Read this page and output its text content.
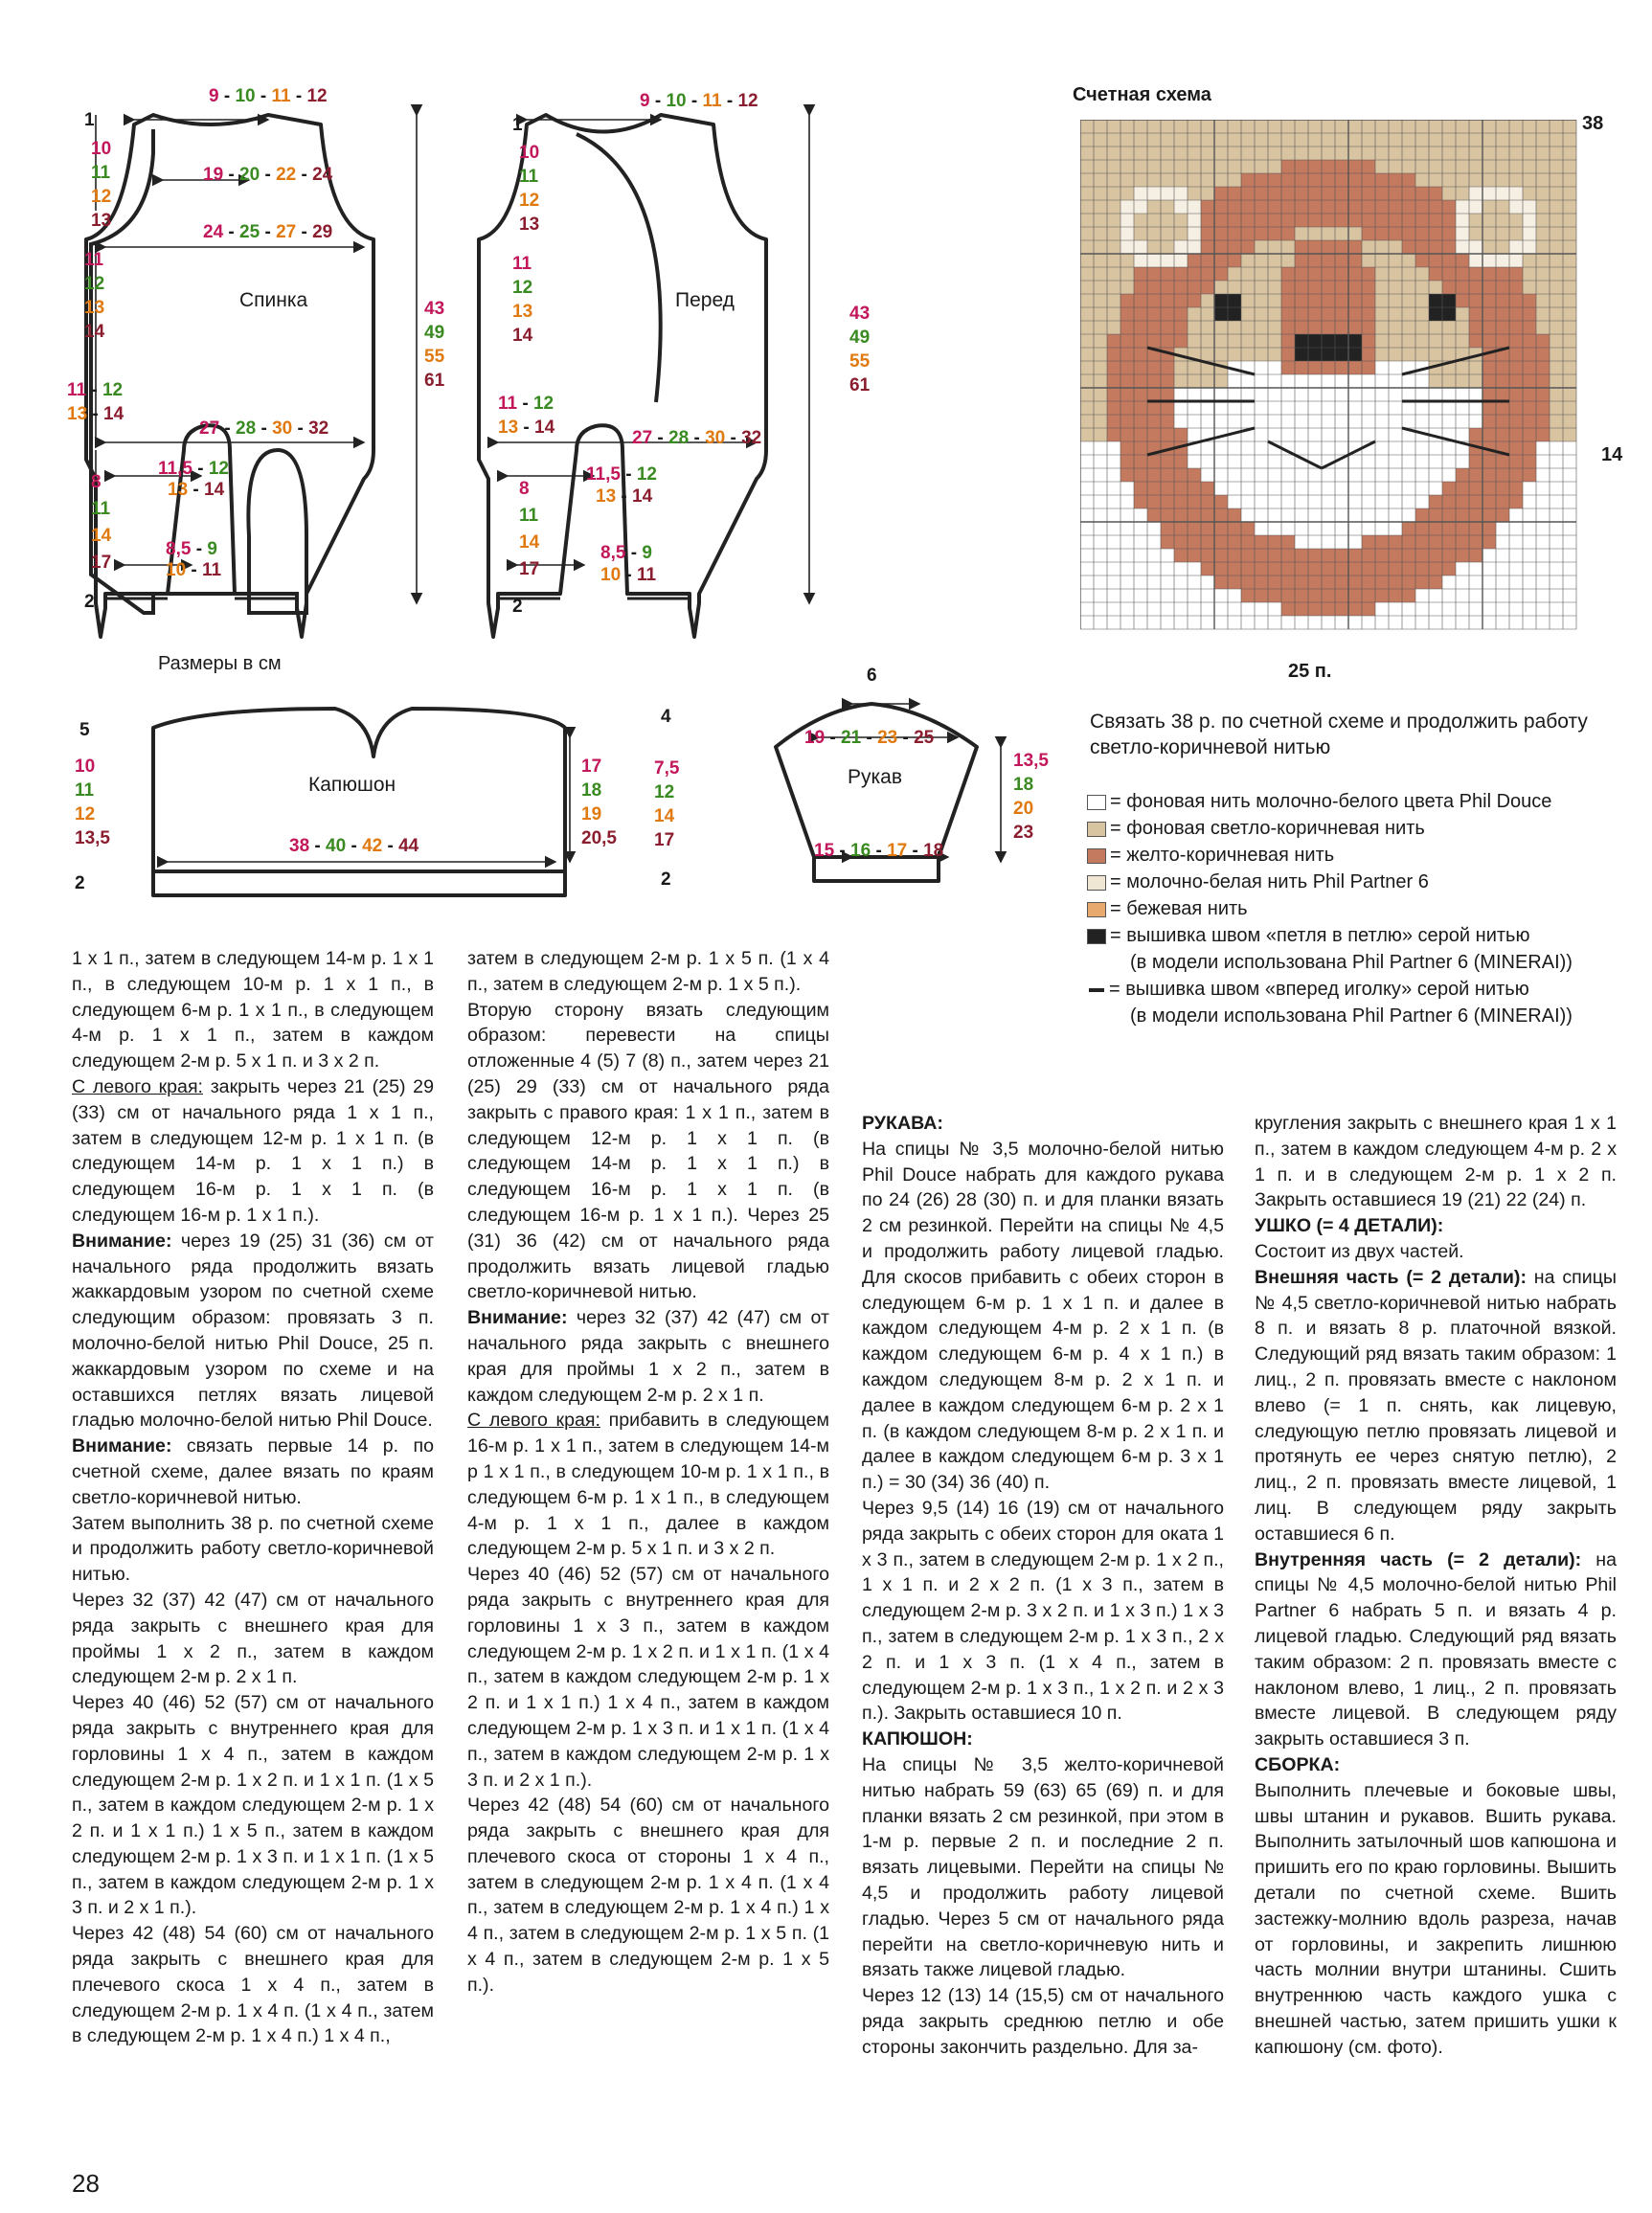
9 - 10 - 11 - 12
19 - 20 - 22 - 24
24 - 25 - 27 - 29
27 - 28 - 30 - 32
11,5 - 12
13 - 14
8,5 - 9
10 - 11
1
10
11
12
13
11
12
13
14
11 - 12
13 - 14
8
11
14
17
2
43
49
55
61
Спинка
9 - 10 - 11 - 12
27 - 28 - 30 - 32
11,5 - 12
13 - 14
8,5 - 9
10 - 11
1
10
11
12
13
11
12
13
14
11 - 12
13 - 14
8
11
14
17
2
43
49
55
61
Перед
Размеры в см
5
10
11
12
13,5
2
Капюшон
38 - 40 - 42 - 44
17
18
19
20,5
6
4
7,5
12
14
17
2
19 - 21 - 23 - 25
Рукав
15 - 16 - 17 - 18
13,5
18
20
23
Счетная схема
38
14
25 п.
Связать 38 р. по счетной схеме и продолжить работу
светло-коричневой нитью
= фоновая нить молочно-белого цвета Phil Douce
= фоновая светло-коричневая нить
= желто-коричневая нить
= молочно-белая нить Phil Partner 6
= бежевая нить
= вышивка швом «петля в петлю» серой нитью
(в модели использована Phil Partner 6 (MINERAI))
= вышивка швом «вперед иголку» серой нитью
(в модели использована Phil Partner 6 (MINERAI))

1 х 1 п., затем в следующем 14-м р. 1 х 1 п., в следующем 10-м р. 1 х 1 п., в следующем 6-м р. 1 х 1 п., в следующем 4-м р. 1 х 1 п., затем в каждом следующем 2-м р. 5 х 1 п. и 3 х 2 п.

С левого края: закрыть через 21 (25) 29 (33) см от начального ряда 1 х 1 п., затем в следующем 12-м р. 1 х 1 п. (в следующем 14-м р. 1 х 1 п.) в следующем 16-м р. 1 х 1 п. (в следующем 16-м р. 1 х 1 п.).

Внимание: через 19 (25) 31 (36) см от начального ряда продолжить вязать жаккардовым узором по счетной схеме следующим образом: провязать 3 п. молочно-белой нитью Phil Douce, 25 п. жаккардовым узором по схеме и на оставшихся петлях вязать лицевой гладью молочно-белой нитью Phil Douce.

Внимание: связать первые 14 р. по счетной схеме, далее вязать по краям светло-коричневой нитью.

Затем выполнить 38 р. по счетной схеме и продолжить работу светло-коричневой нитью.

Через 32 (37) 42 (47) см от начального ряда закрыть с внешнего края для проймы 1 х 2 п., затем в каждом следующем 2-м р. 2 х 1 п.

Через 40 (46) 52 (57) см от начального ряда закрыть с внутреннего края для горловины 1 х 4 п., затем в каждом следующем 2-м р. 1 х 2 п. и 1 х 1 п. (1 х 5 п., затем в каждом следующем 2-м р. 1 х 2 п. и 1 х 1 п.) 1 х 5 п., затем в каждом следующем 2-м р. 1 х 3 п. и 1 х 1 п. (1 х 5 п., затем в каждом следующем 2-м р. 1 х 3 п. и 2 х 1 п.).

Через 42 (48) 54 (60) см от начального ряда закрыть с внешнего края для плечевого скоса 1 х 4 п., затем в следующем 2-м р. 1 х 4 п. (1 х 4 п., затем в следующем 2-м р. 1 х 4 п.) 1 х 4 п.,

затем в следующем 2-м р. 1 х 5 п. (1 х 4 п., затем в следующем 2-м р. 1 х 5 п.).

Вторую сторону вязать следующим образом: перевести на спицы отложенные 4 (5) 7 (8) п., затем через 21 (25) 29 (33) см от начального ряда закрыть с правого края: 1 х 1 п., затем в следующем 12-м р. 1 х 1 п. (в следующем 14-м р. 1 х 1 п.) в следующем 16-м р. 1 х 1 п. (в следующем 16-м р. 1 х 1 п.). Через 25 (31) 36 (42) см от начального ряда продолжить вязать лицевой гладью светло-коричневой нитью.

Внимание: через 32 (37) 42 (47) см от начального ряда закрыть с внешнего края для проймы 1 х 2 п., затем в каждом следующем 2-м р. 2 х 1 п.

С левого края: прибавить в следующем 16-м р. 1 х 1 п., затем в следующем 14-м р 1 х 1 п., в следующем 10-м р. 1 х 1 п., в следующем 6-м р. 1 х 1 п., в следующем 4-м р. 1 х 1 п., далее в каждом следующем 2-м р. 5 х 1 п. и 3 х 2 п.

Через 40 (46) 52 (57) см от начального ряда закрыть с внутреннего края для горловины 1 х 3 п., затем в каждом следующем 2-м р. 1 х 2 п. и 1 х 1 п. (1 х 4 п., затем в каждом следующем 2-м р. 1 х 2 п. и 1 х 1 п.) 1 х 4 п., затем в каждом следующем 2-м р. 1 х 3 п. и 1 х 1 п. (1 х 4 п., затем в каждом следующем 2-м р. 1 х 3 п. и 2 х 1 п.).

Через 42 (48) 54 (60) см от начального ряда закрыть с внешнего края для плечевого скоса от стороны 1 х 4 п., затем в следующем 2-м р. 1 х 4 п. (1 х 4 п., затем в следующем 2-м р. 1 х 4 п.) 1 х 4 п., затем в следующем 2-м р. 1 х 5 п. (1 х 4 п., затем в следующем 2-м р. 1 х 5 п.).

РУКАВА:

На спицы № 3,5 молочно-белой нитью Phil Douce набрать для каждого рукава по 24 (26) 28 (30) п. и для планки вязать 2 см резинкой. Перейти на спицы № 4,5 и продолжить работу лицевой гладью. Для скосов прибавить с обеих сторон в следующем 6-м р. 1 х 1 п. и далее в каждом следующем 4-м р. 2 х 1 п. (в каждом следующем 6-м р. 4 х 1 п.) в каждом следующем 8-м р. 2 х 1 п. и далее в каждом следующем 6-м р. 2 х 1 п. (в каждом следующем 8-м р. 2 х 1 п. и далее в каждом следующем 6-м р. 3 х 1 п.) = 30 (34) 36 (40) п.

Через 9,5 (14) 16 (19) см от начального ряда закрыть с обеих сторон для оката 1 х 3 п., затем в следующем 2-м р. 1 х 2 п., 1 х 1 п. и 2 х 2 п. (1 х 3 п., затем в следующем 2-м р. 3 х 2 п. и 1 х 3 п.) 1 х 3 п., затем в следующем 2-м р. 1 х 3 п., 2 х 2 п. и 1 х 3 п. (1 х 4 п., затем в следующем 2-м р. 1 х 3 п., 1 х 2 п. и 2 х 3 п.). Закрыть оставшиеся 10 п.

КАПЮШОН:

На спицы № 3,5 желто-коричневой нитью набрать 59 (63) 65 (69) п. и для планки вязать 2 см резинкой, при этом в 1-м р. первые 2 п. и последние 2 п. вязать лицевыми. Перейти на спицы № 4,5 и продолжить работу лицевой гладью. Через 5 см от начального ряда перейти на светло-коричневую нить и вязать также лицевой гладью.

Через 12 (13) 14 (15,5) см от начального ряда закрыть среднюю петлю и обе стороны закончить раздельно. Для за-

кругления закрыть с внешнего края 1 х 1 п., затем в каждом следующем 4-м р. 2 х 1 п. и в следующем 2-м р. 1 х 2 п. Закрыть оставшиеся 19 (21) 22 (24) п.

УШКО (= 4 ДЕТАЛИ):

Состоит из двух частей.

Внешняя часть (= 2 детали): на спицы № 4,5 светло-коричневой нитью набрать 8 п. и вязать 8 р. платочной вязкой. Следующий ряд вязать таким образом: 1 лиц., 2 п. провязать вместе с наклоном влево (= 1 п. снять, как лицевую, следующую петлю провязать лицевой и протянуть ее через снятую петлю), 2 лиц., 2 п. провязать вместе лицевой, 1 лиц. В следующем ряду закрыть оставшиеся 6 п.

Внутренняя часть (= 2 детали): на спицы № 4,5 молочно-белой нитью Phil Partner 6 набрать 5 п. и вязать 4 р. лицевой гладью. Следующий ряд вязать таким образом: 2 п. провязать вместе с наклоном влево, 1 лиц., 2 п. провязать вместе лицевой. В следующем ряду закрыть оставшиеся 3 п.

СБОРКА:

Выполнить плечевые и боковые швы, швы штанин и рукавов. Вшить рукава. Выполнить затылочный шов капюшона и пришить его по краю горловины. Вышить детали по счетной схеме. Вшить застежку-молнию вдоль разреза, начав от горловины, и закрепить лишнюю часть молнии внутри штанины. Сшить внутреннюю часть каждого ушка с внешней частью, затем пришить ушки к капюшону (см. фото).

28
